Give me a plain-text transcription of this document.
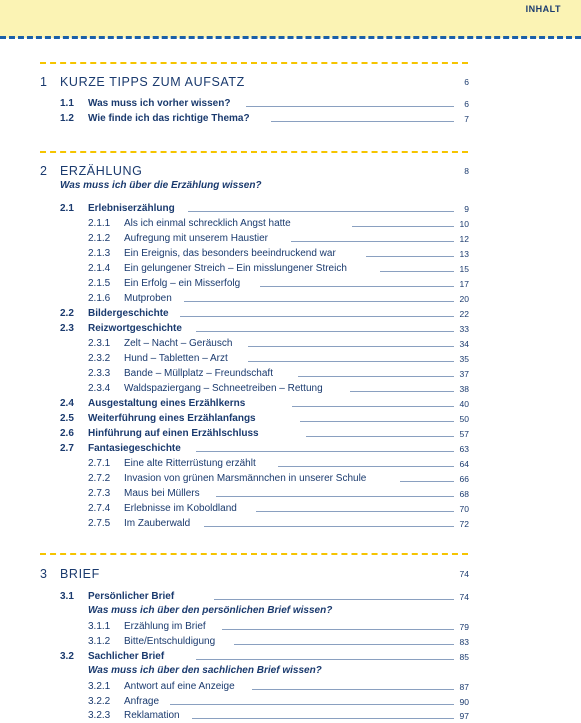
INHALT
1 KURZE TIPPS ZUM AUFSATZ	6
1.1 Was muss ich vorher wissen?	6
1.2 Wie finde ich das richtige Thema?	7
2 ERZÄHLUNG	8
Was muss ich über die Erzählung wissen?
2.1 Erlebniserzählung	9
2.1.1 Als ich einmal schrecklich Angst hatte	10
2.1.2 Aufregung mit unserem Haustier	12
2.1.3 Ein Ereignis, das besonders beeindruckend war	13
2.1.4 Ein gelungener Streich – Ein misslungener Streich	15
2.1.5 Ein Erfolg – ein Misserfolg	17
2.1.6 Mutproben	20
2.2 Bildergeschichte	22
2.3 Reizwortgeschichte	33
2.3.1 Zelt – Nacht – Geräusch	34
2.3.2 Hund – Tabletten – Arzt	35
2.3.3 Bande – Müllplatz – Freundschaft	37
2.3.4 Waldspaziergang – Schneetreiben – Rettung	38
2.4 Ausgestaltung eines Erzählkerns	40
2.5 Weiterführung eines Erzählanfangs	50
2.6 Hinführung auf einen Erzählschluss	57
2.7 Fantasiegeschichte	63
2.7.1 Eine alte Ritterrüstung erzählt	64
2.7.2 Invasion von grünen Marsmännchen in unserer Schule	66
2.7.3 Maus bei Müllers	68
2.7.4 Erlebnisse im Koboldland	70
2.7.5 Im Zauberwald	72
3 BRIEF	74
3.1 Persönlicher Brief	74
Was muss ich über den persönlichen Brief wissen?
3.1.1 Erzählung im Brief	79
3.1.2 Bitte/Entschuldigung	83
3.2 Sachlicher Brief	85
Was muss ich über den sachlichen Brief wissen?
3.2.1 Antwort auf eine Anzeige	87
3.2.2 Anfrage	90
3.2.3 Reklamation	97
